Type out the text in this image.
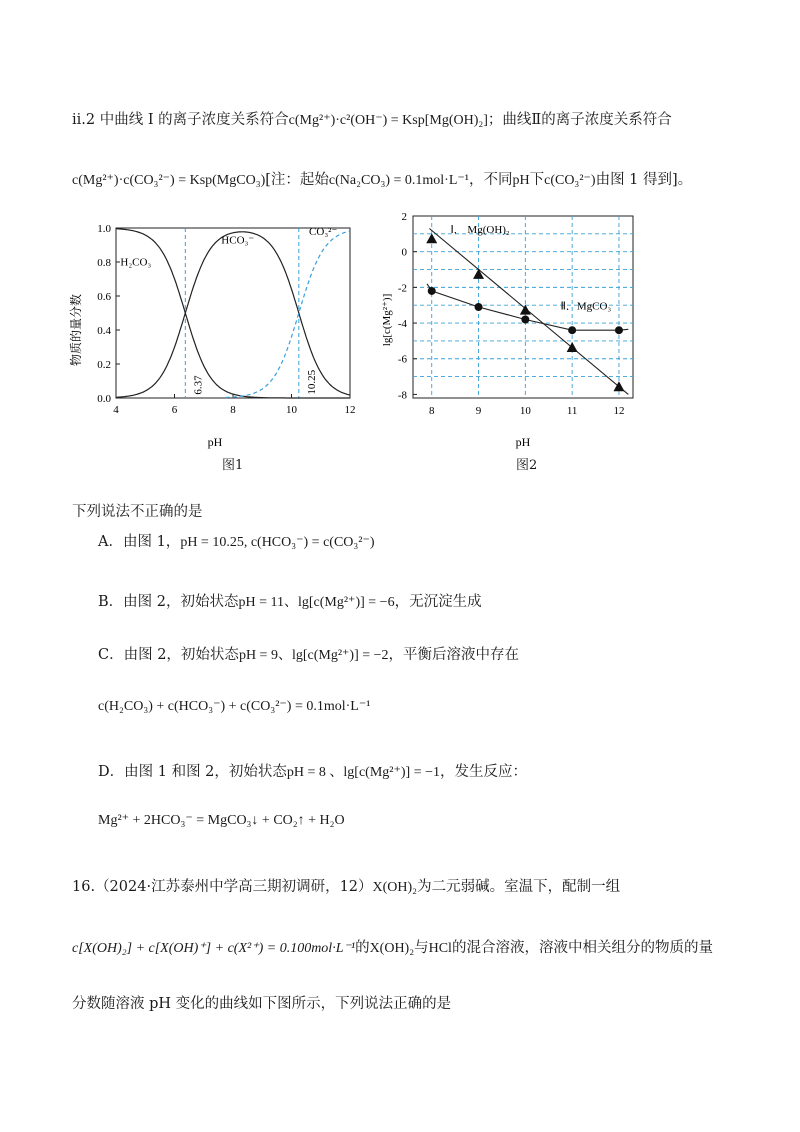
ii.2 中曲线 Ⅰ 的离子浓度关系符合c(Mg²⁺)·c²(OH⁻) = Ksp[Mg(OH)₂]；曲线Ⅱ的离子浓度关系符合
c(Mg²⁺)·c(CO₃²⁻) = Ksp(MgCO₃)[注：起始c(Na₂CO₃) = 0.1mol·L⁻¹，不同pH下c(CO₃²⁻)由图 1 得到]。
4	6	8	10	12
0.0
0.2
0.4
0.6
0.8
1.0
H₂CO₃
HCO₃⁻
CO₃²⁻
6.37	10.25
pH
物质的量分数
图1
8	9	10	11	12
2
0
-2
-4
-6
-8
Ⅰ． Mg(OH)₂
Ⅱ．MgCO₃
pH
lg[c(Mg²⁺)]
图2
下列说法不正确的是
A．由图 1，pH = 10.25, c(HCO₃⁻) = c(CO₃²⁻)
B．由图 2，初始状态pH = 11、lg[c(Mg²⁺)] = −6，无沉淀生成
C．由图 2，初始状态pH = 9、lg[c(Mg²⁺)] = −2，平衡后溶液中存在
c(H₂CO₃) + c(HCO₃⁻) + c(CO₃²⁻) = 0.1mol·L⁻¹
D．由图 1 和图 2，初始状态pH = 8 、lg[c(Mg²⁺)] = −1，发生反应：
Mg²⁺ + 2HCO₃⁻ = MgCO₃↓ + CO₂↑ + H₂O
16.（2024·江苏泰州中学高三期初调研，12）X(OH)₂为二元弱碱。室温下，配制一组
c[X(OH)₂] + c[X(OH)⁺] + c(X²⁺) = 0.100mol·L⁻¹的X(OH)₂与HCl的混合溶液，溶液中相关组分的物质的量
分数随溶液 pH 变化的曲线如下图所示，下列说法正确的是
